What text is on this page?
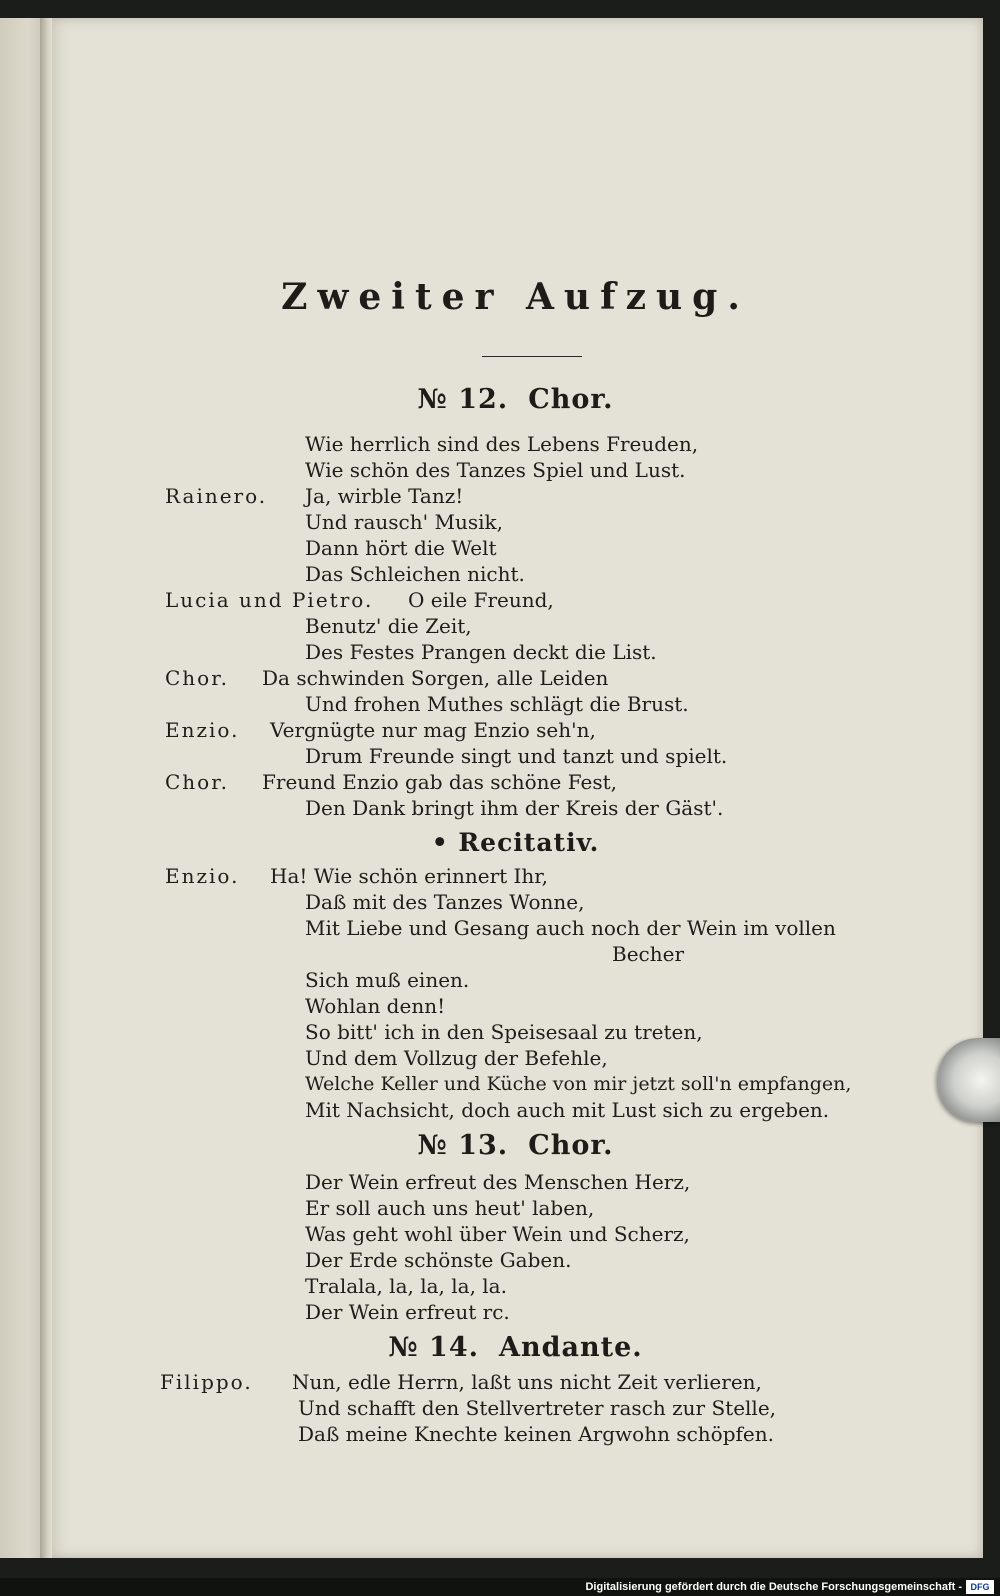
Zweiter Aufzug.
№ 12. Chor.
Wie herrlich sind des Lebens Freuden,
Wie schön des Tanzes Spiel und Lust.
Rainero. Ja, wirble Tanz!
Und rausch' Musik,
Dann hört die Welt
Das Schleichen nicht.
Lucia und Pietro. O eile Freund,
Benutz' die Zeit,
Des Festes Prangen deckt die List.
Chor. Da schwinden Sorgen, alle Leiden
Und frohen Muthes schlägt die Brust.
Enzio. Vergnügte nur mag Enzio seh'n,
Drum Freunde singt und tanzt und spielt.
Chor. Freund Enzio gab das schöne Fest,
Den Dank bringt ihm der Kreis der Gäst'.
• Recitativ.
Enzio. Ha! Wie schön erinnert Ihr,
Daß mit des Tanzes Wonne,
Mit Liebe und Gesang auch noch der Wein im vollen
Becher
Sich muß einen.
Wohlan denn!
So bitt' ich in den Speisesaal zu treten,
Und dem Vollzug der Befehle,
Welche Keller und Küche von mir jetzt soll'n empfangen,
Mit Nachsicht, doch auch mit Lust sich zu ergeben.
№ 13. Chor.
Der Wein erfreut des Menschen Herz,
Er soll auch uns heut' laben,
Was geht wohl über Wein und Scherz,
Der Erde schönste Gaben.
Tralala, la, la, la, la.
Der Wein erfreut rc.
№ 14. Andante.
Filippo. Nun, edle Herrn, laßt uns nicht Zeit verlieren,
Und schafft den Stellvertreter rasch zur Stelle,
Daß meine Knechte keinen Argwohn schöpfen.
Digitalisierung gefördert durch die Deutsche Forschungsgemeinschaft - DFG
